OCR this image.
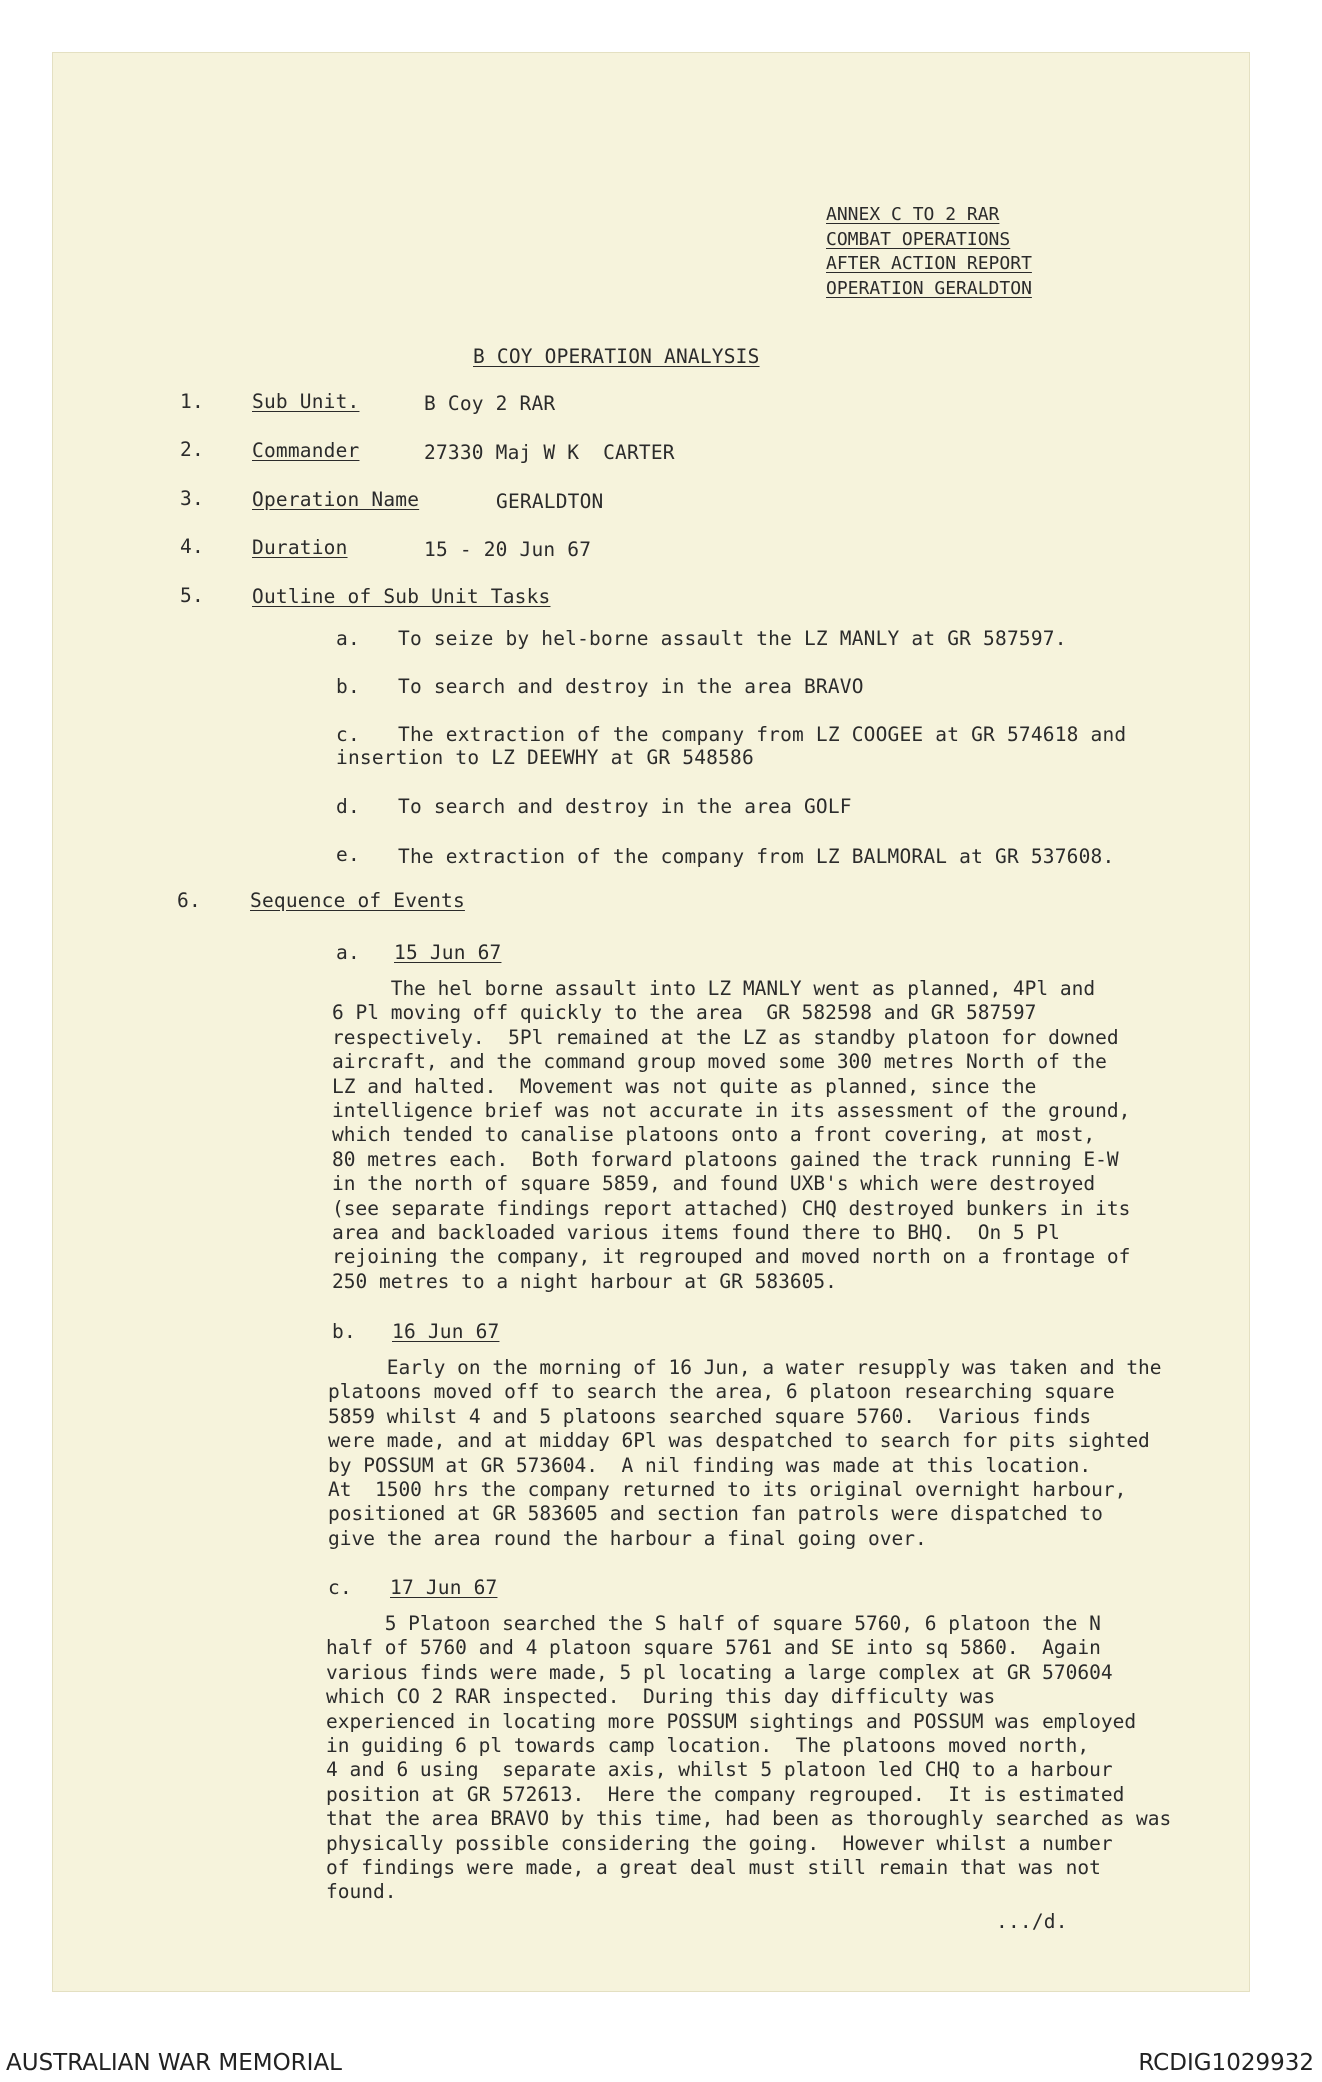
ANNEX C TO 2 RAR
COMBAT OPERATIONS
AFTER ACTION REPORT
OPERATION GERALDTON
B COY OPERATION ANALYSIS
1. Sub Unit.	B Coy 2 RAR
2. Commander	27330 Maj W K  CARTER
3. Operation Name	GERALDTON
4. Duration	15 - 20 Jun 67
5. Outline of Sub Unit Tasks
a. To seize by hel-borne assault the LZ MANLY at GR 587597.
b. To search and destroy in the area BRAVO
c. The extraction of the company from LZ COOGEE at GR 574618 and
insertion to LZ DEEWHY at GR 548586
d. To search and destroy in the area GOLF
e. The extraction of the company from LZ BALMORAL at GR 537608.
6.	Sequence of Events
a. 15 Jun 67
The hel borne assault into LZ MANLY went as planned, 4Pl and
6 Pl moving off quickly to the area  GR 582598 and GR 587597
respectively.  5Pl remained at the LZ as standby platoon for downed
aircraft, and the command group moved some 300 metres North of the
LZ and halted.  Movement was not quite as planned, since the
intelligence brief was not accurate in its assessment of the ground,
which tended to canalise platoons onto a front covering, at most,
80 metres each.  Both forward platoons gained the track running E-W
in the north of square 5859, and found UXB's which were destroyed
(see separate findings report attached) CHQ destroyed bunkers in its
area and backloaded various items found there to BHQ.  On 5 Pl
rejoining the company, it regrouped and moved north on a frontage of
250 metres to a night harbour at GR 583605.
b. 16 Jun 67
Early on the morning of 16 Jun, a water resupply was taken and the
platoons moved off to search the area, 6 platoon researching square
5859 whilst 4 and 5 platoons searched square 5760.  Various finds
were made, and at midday 6Pl was despatched to search for pits sighted
by POSSUM at GR 573604.  A nil finding was made at this location.
At  1500 hrs the company returned to its original overnight harbour,
positioned at GR 583605 and section fan patrols were dispatched to
give the area round the harbour a final going over.
c. 17 Jun 67
5 Platoon searched the S half of square 5760, 6 platoon the N
half of 5760 and 4 platoon square 5761 and SE into sq 5860.  Again
various finds were made, 5 pl locating a large complex at GR 570604
which CO 2 RAR inspected.  During this day difficulty was
experienced in locating more POSSUM sightings and POSSUM was employed
in guiding 6 pl towards camp location.  The platoons moved north,
4 and 6 using  separate axis, whilst 5 platoon led CHQ to a harbour
position at GR 572613.  Here the company regrouped.  It is estimated
that the area BRAVO by this time, had been as thoroughly searched as was
physically possible considering the going.  However whilst a number
of findings were made, a great deal must still remain that was not
found.
.../d.
AUSTRALIAN WAR MEMORIAL	RCDIG1029932
